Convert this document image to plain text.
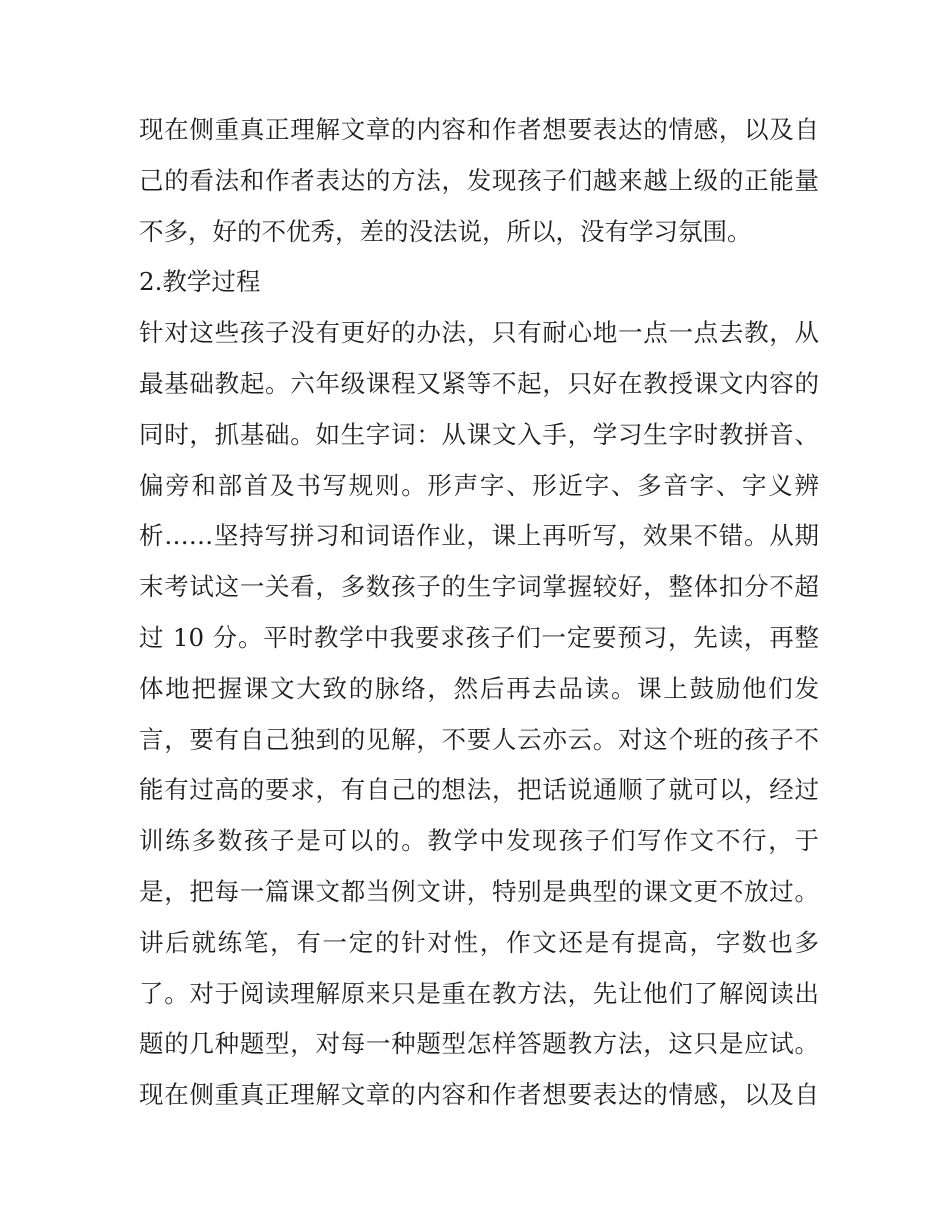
现在侧重真正理解文章的内容和作者想要表达的情感，以及自
己的看法和作者表达的方法，发现孩子们越来越上级的正能量
不多，好的不优秀，差的没法说，所以，没有学习氛围。
2.教学过程
针对这些孩子没有更好的办法，只有耐心地一点一点去教，从
最基础教起。六年级课程又紧等不起，只好在教授课文内容的
同时，抓基础。如生字词：从课文入手，学习生字时教拼音、
偏旁和部首及书写规则。形声字、形近字、多音字、字义辨
析……坚持写拼习和词语作业，课上再听写，效果不错。从期
末考试这一关看，多数孩子的生字词掌握较好，整体扣分不超
过 10 分。平时教学中我要求孩子们一定要预习，先读，再整
体地把握课文大致的脉络，然后再去品读。课上鼓励他们发
言，要有自己独到的见解，不要人云亦云。对这个班的孩子不
能有过高的要求，有自己的想法，把话说通顺了就可以，经过
训练多数孩子是可以的。教学中发现孩子们写作文不行，于
是，把每一篇课文都当例文讲，特别是典型的课文更不放过。
讲后就练笔，有一定的针对性，作文还是有提高，字数也多
了。对于阅读理解原来只是重在教方法，先让他们了解阅读出
题的几种题型，对每一种题型怎样答题教方法，这只是应试。
现在侧重真正理解文章的内容和作者想要表达的情感，以及自
